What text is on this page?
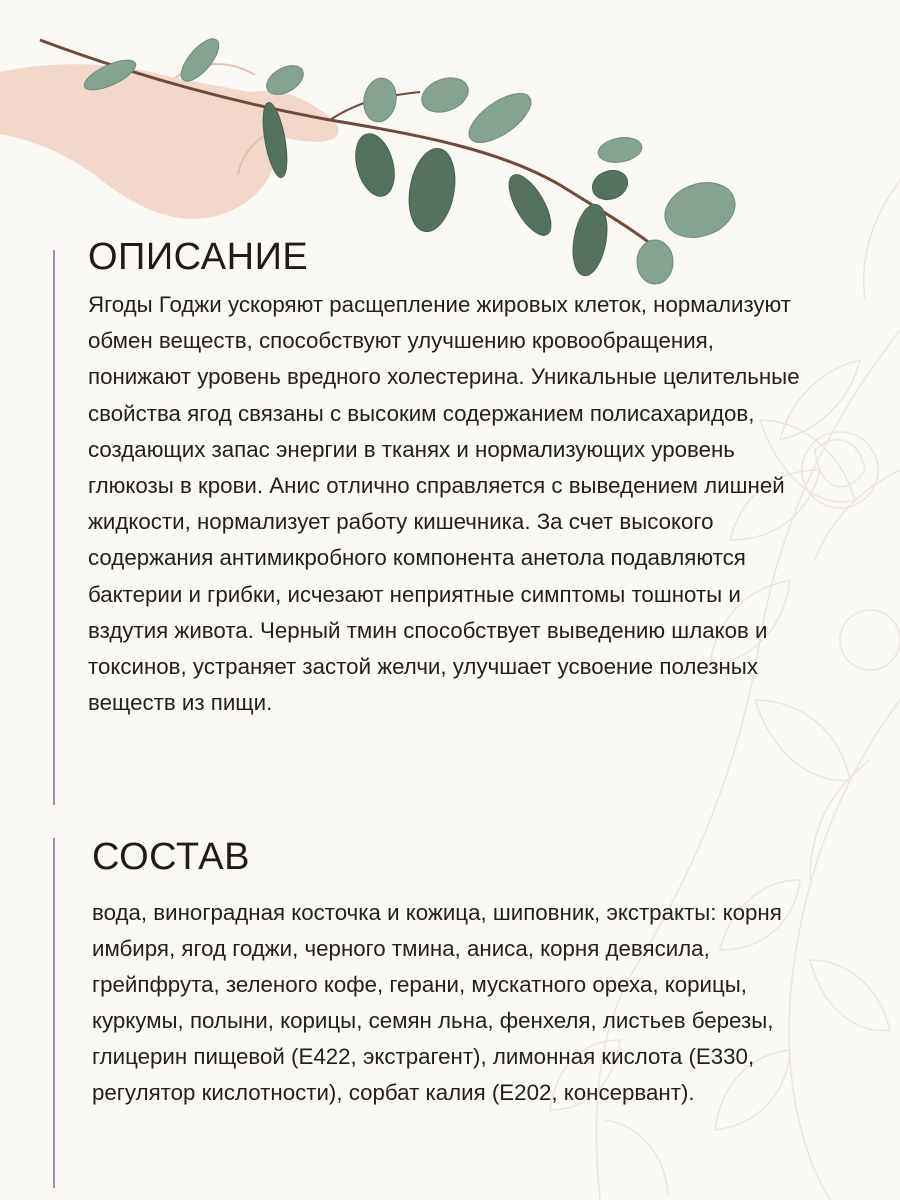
ОПИСАНИЕ

Ягоды Годжи ускоряют расщепление жировых клеток, нормализуют обмен веществ, способствуют улучшению кровообращения, понижают уровень вредного холестерина. Уникальные целительные свойства ягод связаны с высоким содержанием полисахаридов, создающих запас энергии в тканях и нормализующих уровень глюкозы в крови. Анис отлично справляется с выведением лишней жидкости, нормализует работу кишечника. За счет высокого содержания антимикробного компонента анетола подавляются бактерии и грибки, исчезают неприятные симптомы тошноты и вздутия живота. Черный тмин способствует выведению шлаков и токсинов, устраняет застой желчи, улучшает усвоение полезных веществ из пищи.

СОСТАВ

вода, виноградная косточка и кожица, шиповник, экстракты: корня имбиря, ягод годжи, черного тмина, аниса, корня девясила, грейпфрута, зеленого кофе, герани, мускатного ореха, корицы, куркумы, полыни, корицы, семян льна, фенхеля, листьев березы, глицерин пищевой (Е422, экстрагент), лимонная кислота (Е330, регулятор кислотности), сорбат калия (Е202, консервант).
